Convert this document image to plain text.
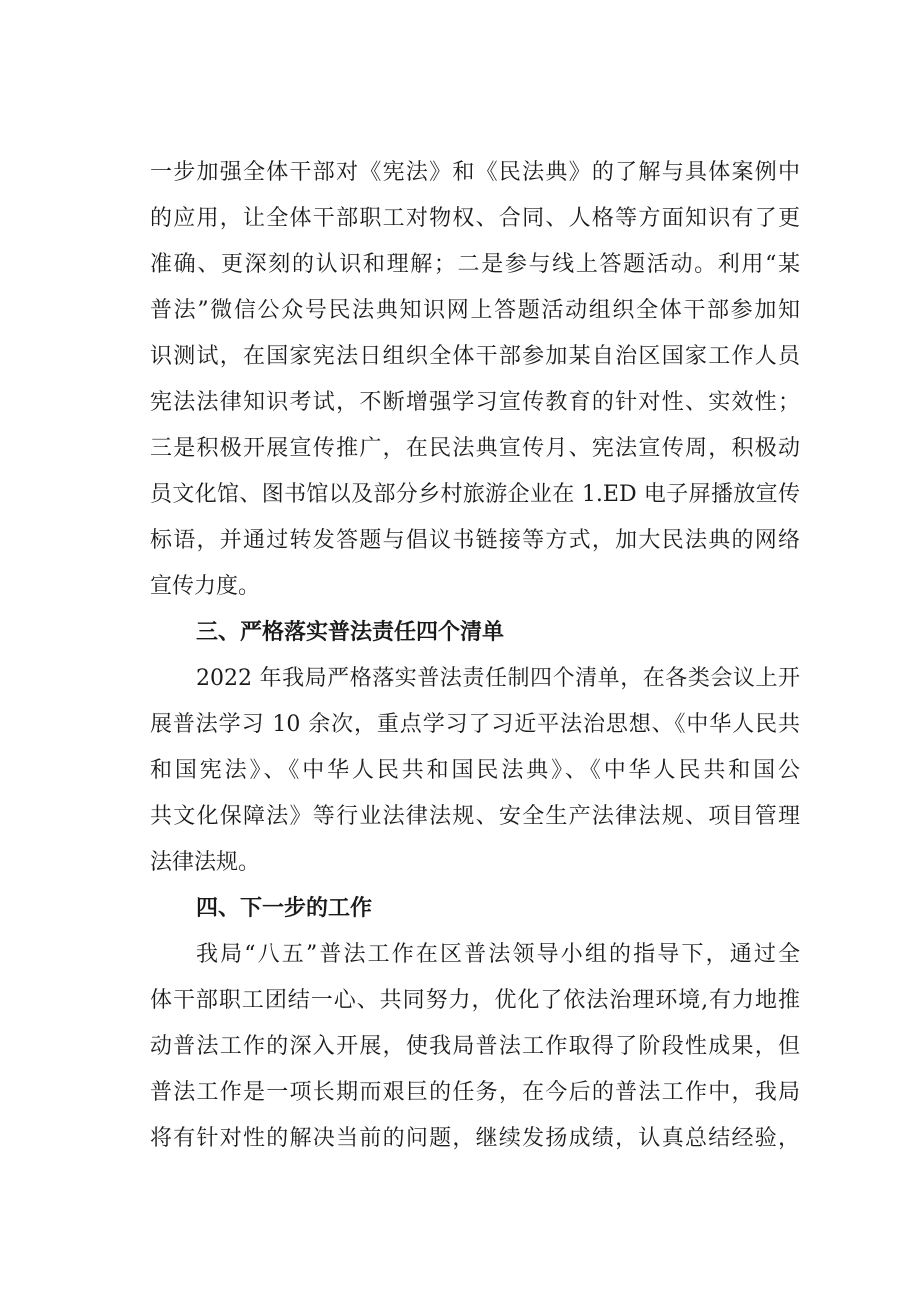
一步加强全体干部对《宪法》和《民法典》的了解与具体案例中
的应用，让全体干部职工对物权、合同、人格等方面知识有了更
准确、更深刻的认识和理解；二是参与线上答题活动。利用“某
普法”微信公众号民法典知识网上答题活动组织全体干部参加知
识测试，在国家宪法日组织全体干部参加某自治区国家工作人员
宪法法律知识考试，不断增强学习宣传教育的针对性、实效性；
三是积极开展宣传推广，在民法典宣传月、宪法宣传周，积极动
员文化馆、图书馆以及部分乡村旅游企业在 1.ED 电子屏播放宣传
标语，并通过转发答题与倡议书链接等方式，加大民法典的网络
宣传力度。
三、严格落实普法责任四个清单
2022 年我局严格落实普法责任制四个清单，在各类会议上开
展普法学习 10 余次，重点学习了习近平法治思想、《中华人民共
和国宪法》、《中华人民共和国民法典》、《中华人民共和国公
共文化保障法》等行业法律法规、安全生产法律法规、项目管理
法律法规。
四、下一步的工作
我局“八五”普法工作在区普法领导小组的指导下，通过全
体干部职工团结一心、共同努力，优化了依法治理环境,有力地推
动普法工作的深入开展，使我局普法工作取得了阶段性成果，但
普法工作是一项长期而艰巨的任务，在今后的普法工作中，我局
将有针对性的解决当前的问题，继续发扬成绩，认真总结经验，
